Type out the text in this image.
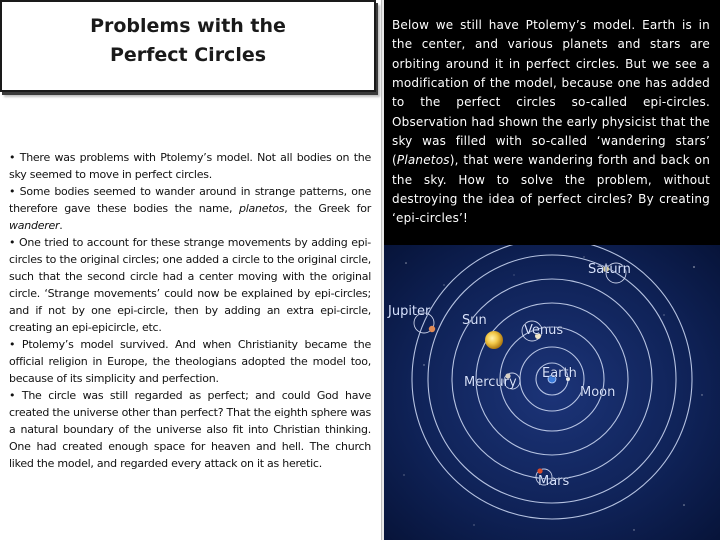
Problems with the
Perfect Circles
• There was problems with Ptolemy’s model. Not all bodies on the sky seemed to move in perfect circles.
• Some bodies seemed to wander around in strange patterns, one therefore gave these bodies the name, planetos, the Greek for wanderer.
• One tried to account for these strange movements by adding epi-circles to the original circles; one added a circle to the original circle, such that the second circle had a center moving with the original circle. ‘Strange movements’ could now be explained by epi-circles; and if not by one epi-circle, then by adding an extra epi-circle, creating an epi-epicircle, etc.
• Ptolemy’s model survived. And when Christianity became the official religion in Europe, the theologians adopted the model too, because of its simplicity and perfection.
• The circle was still regarded as perfect; and could God have created the universe other than perfect? That the eighth sphere was a natural boundary of the universe also fit into Christian thinking. One had created enough space for heaven and hell. The church liked the model, and regarded every attack on it as heretic.

Below we still have Ptolemy’s model. Earth is in the center, and various planets and stars are orbiting around it in perfect circles. But we see a modification of the model, because one has added to the perfect circles so-called epi-circles. Observation had shown the early physicist that the sky was filled with so-called ‘wandering stars’ (Planetos), that were wandering forth and back on the sky. How to solve the problem, without destroying the idea of perfect circles? By creating ‘epi-circles’!

Saturn
Jupiter
Sun
Venus
Earth
Mercury
Moon
Mars
